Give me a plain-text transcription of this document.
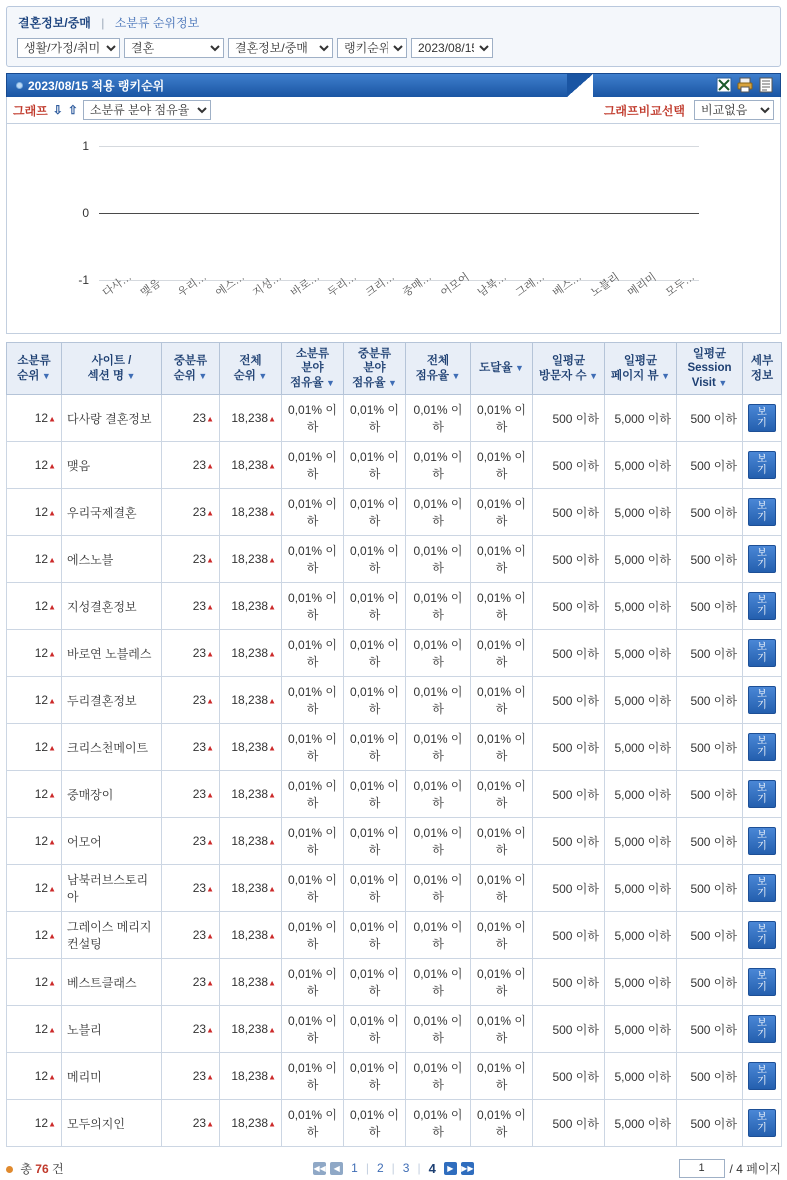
결혼정보/중매 | 소분류 순위정보
생활/가정/취미
결혼
결혼정보/중매
랭키순위
2023/08/15
2023/08/15 적용 랭키순위
그래프 ⇩ ⇧
소분류 분야 점유율	그래프비교선택
비교없음
1
0
-1 다사… 맺음 우리… 에스… 지성… 바로… 두리… 크리… 중매… 어모어 남북… 그레… 베스… 노블리 메리미 모두…
소분류
순위 ▼

사이트 /
섹션 명 ▼

중분류
순위 ▼

전체
순위 ▼

소분류
분야
점유율 ▼

중분류
분야
점유율 ▼

전체
점유율 ▼

도달율 ▼

일평균
방문자 수 ▼

일평균
페이지 뷰 ▼

일평균
Session
Visit ▼

세부
정보

12▲	다사랑 결혼정보	23▲	18,238▲	0,01% 이하	0,01% 이하	0,01% 이하	0,01% 이하	500 이하	5,000 이하	500 이하	보기
12▲	맺음	23▲	18,238▲	0,01% 이하	0,01% 이하	0,01% 이하	0,01% 이하	500 이하	5,000 이하	500 이하	보기
12▲	우리국제결혼	23▲	18,238▲	0,01% 이하	0,01% 이하	0,01% 이하	0,01% 이하	500 이하	5,000 이하	500 이하	보기
12▲	에스노블	23▲	18,238▲	0,01% 이하	0,01% 이하	0,01% 이하	0,01% 이하	500 이하	5,000 이하	500 이하	보기
12▲	지성결혼정보	23▲	18,238▲	0,01% 이하	0,01% 이하	0,01% 이하	0,01% 이하	500 이하	5,000 이하	500 이하	보기
12▲	바로연 노블레스	23▲	18,238▲	0,01% 이하	0,01% 이하	0,01% 이하	0,01% 이하	500 이하	5,000 이하	500 이하	보기
12▲	두리결혼정보	23▲	18,238▲	0,01% 이하	0,01% 이하	0,01% 이하	0,01% 이하	500 이하	5,000 이하	500 이하	보기
12▲	크리스천메이트	23▲	18,238▲	0,01% 이하	0,01% 이하	0,01% 이하	0,01% 이하	500 이하	5,000 이하	500 이하	보기
12▲	중매장이	23▲	18,238▲	0,01% 이하	0,01% 이하	0,01% 이하	0,01% 이하	500 이하	5,000 이하	500 이하	보기
12▲	어모어	23▲	18,238▲	0,01% 이하	0,01% 이하	0,01% 이하	0,01% 이하	500 이하	5,000 이하	500 이하	보기
12▲	남북러브스토리아	23▲	18,238▲	0,01% 이하	0,01% 이하	0,01% 이하	0,01% 이하	500 이하	5,000 이하	500 이하	보기
12▲	그레이스 메리지컨설팅	23▲	18,238▲	0,01% 이하	0,01% 이하	0,01% 이하	0,01% 이하	500 이하	5,000 이하	500 이하	보기
12▲	베스트클래스	23▲	18,238▲	0,01% 이하	0,01% 이하	0,01% 이하	0,01% 이하	500 이하	5,000 이하	500 이하	보기
12▲	노블리	23▲	18,238▲	0,01% 이하	0,01% 이하	0,01% 이하	0,01% 이하	500 이하	5,000 이하	500 이하	보기
12▲	메리미	23▲	18,238▲	0,01% 이하	0,01% 이하	0,01% 이하	0,01% 이하	500 이하	5,000 이하	500 이하	보기
12▲	모두의지인	23▲	18,238▲	0,01% 이하	0,01% 이하	0,01% 이하	0,01% 이하	500 이하	5,000 이하	500 이하	보기
총 76 건	◀◀ ◀ 1 | 2 | 3 | 4	▶ ▶▶
1	/ 4 페이지
